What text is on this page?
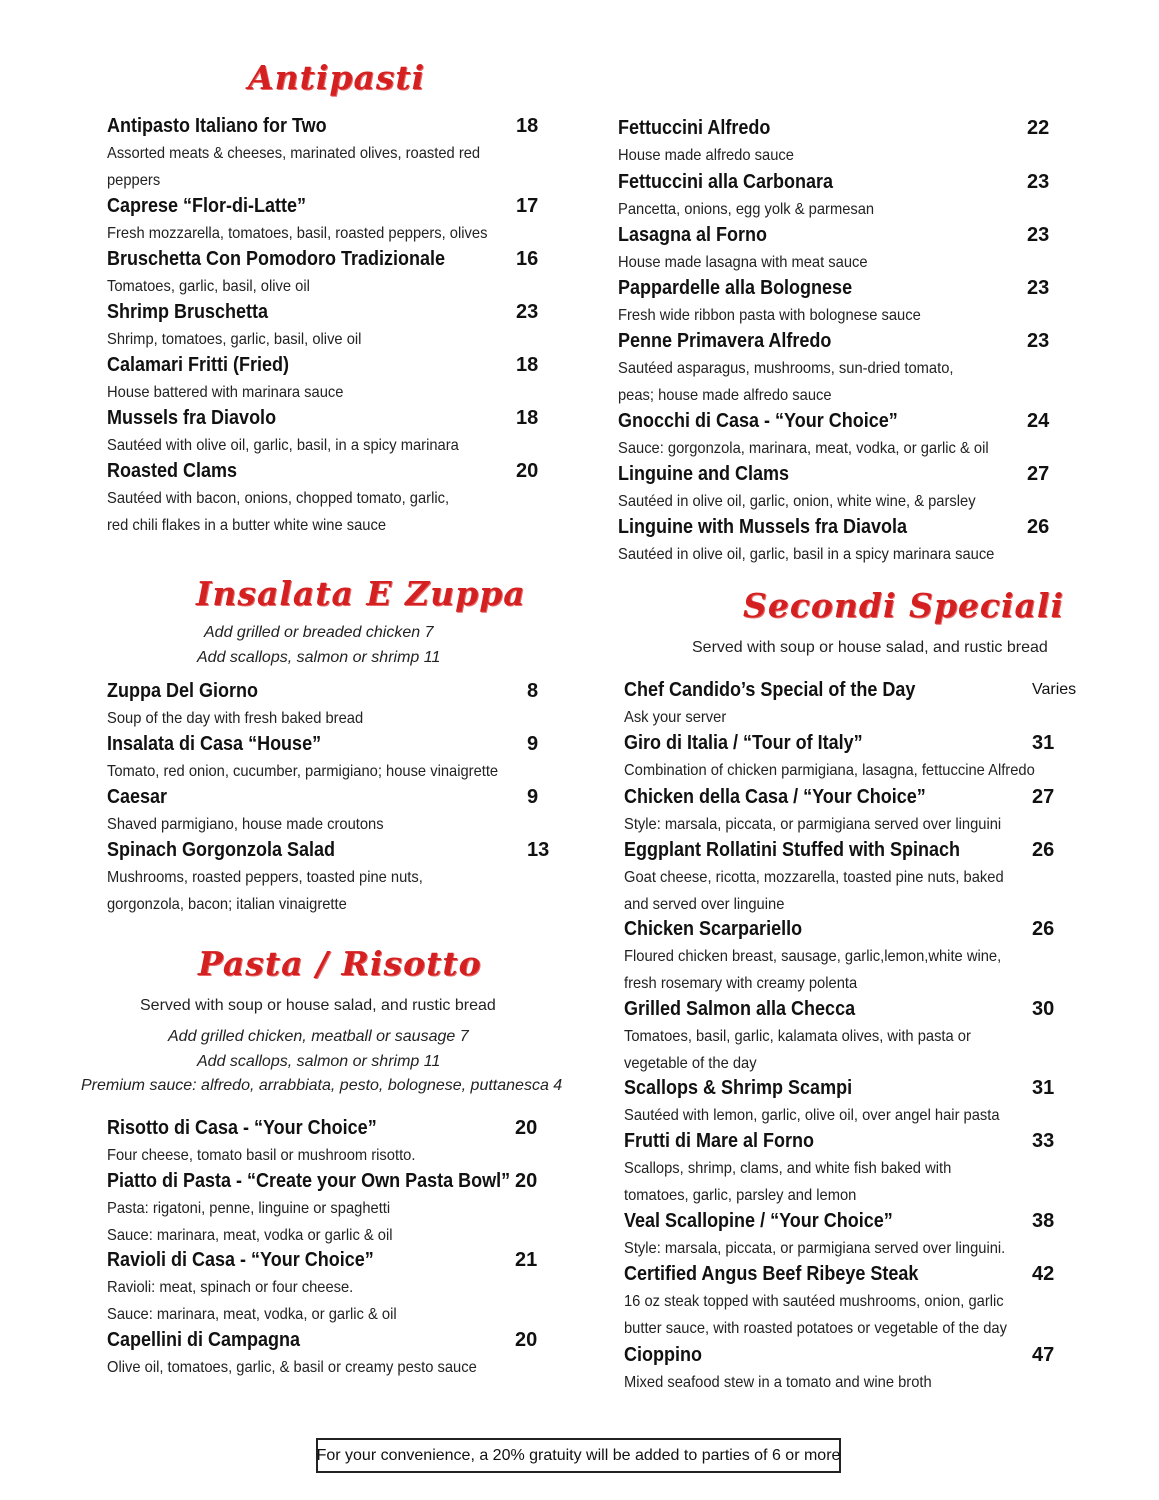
Antipasti
Insalata E Zuppa
Pasta / Risotto
Secondi Speciali
Add grilled or breaded chicken 7
Add scallops, salmon or shrimp 11
Served with soup or house salad, and rustic bread
Add grilled chicken, meatball or sausage 7
Add scallops, salmon or shrimp 11
Premium sauce: alfredo, arrabbiata, pesto, bolognese, puttanesca 4
Served with soup or house salad, and rustic bread
Antipasto Italiano for Two	18
Assorted meats & cheeses, marinated olives, roasted red
peppers
Caprese “Flor-di-Latte”	17
Fresh mozzarella, tomatoes, basil, roasted peppers, olives
Bruschetta Con Pomodoro Tradizionale	16
Tomatoes, garlic, basil, olive oil
Shrimp Bruschetta	23
Shrimp, tomatoes, garlic, basil, olive oil
Calamari Fritti (Fried)	18
House battered with marinara sauce
Mussels fra Diavolo	18
Sautéed with olive oil, garlic, basil, in a spicy marinara
Roasted Clams	20
Sautéed with bacon, onions, chopped tomato, garlic,
red chili flakes in a butter white wine sauce
Zuppa Del Giorno	8
Soup of the day with fresh baked bread
Insalata di Casa “House”	9
Tomato, red onion, cucumber, parmigiano; house vinaigrette
Caesar	9
Shaved parmigiano, house made croutons
Spinach Gorgonzola Salad	13
Mushrooms, roasted peppers, toasted pine nuts,
gorgonzola, bacon; italian vinaigrette
Risotto di Casa - “Your Choice”	20
Four cheese, tomato basil or mushroom risotto.
Piatto di Pasta - “Create your Own Pasta Bowl” 20
Pasta: rigatoni, penne, linguine or spaghetti
Sauce: marinara, meat, vodka or garlic & oil
Ravioli di Casa - “Your Choice”	21
Ravioli: meat, spinach or four cheese.
Sauce: marinara, meat, vodka, or garlic & oil
Capellini di Campagna	20
Olive oil, tomatoes, garlic, & basil or creamy pesto sauce
Fettuccini Alfredo	22
House made alfredo sauce
Fettuccini alla Carbonara	23
Pancetta, onions, egg yolk & parmesan
Lasagna al Forno	23
House made lasagna with meat sauce
Pappardelle alla Bolognese	23
Fresh wide ribbon pasta with bolognese sauce
Penne Primavera Alfredo	23
Sautéed asparagus, mushrooms, sun-dried tomato,
peas; house made alfredo sauce
Gnocchi di Casa - “Your Choice”	24
Sauce: gorgonzola, marinara, meat, vodka, or garlic & oil
Linguine and Clams	27
Sautéed in olive oil, garlic, onion, white wine, & parsley
Linguine with Mussels fra Diavola	26
Sautéed in olive oil, garlic, basil in a spicy marinara sauce
Chef Candido’s Special of the Day	Varies
Ask your server
Giro di Italia / “Tour of Italy”	31
Combination of chicken parmigiana, lasagna, fettuccine Alfredo
Chicken della Casa / “Your Choice”	27
Style: marsala, piccata, or parmigiana served over linguini
Eggplant Rollatini Stuffed with Spinach	26
Goat cheese, ricotta, mozzarella, toasted pine nuts, baked
and served over linguine
Chicken Scarpariello	26
Floured chicken breast, sausage, garlic,lemon,white wine,
fresh rosemary with creamy polenta
Grilled Salmon alla Checca	30
Tomatoes, basil, garlic, kalamata olives, with pasta or
vegetable of the day
Scallops & Shrimp Scampi	31
Sautéed with lemon, garlic, olive oil, over angel hair pasta
Frutti di Mare al Forno	33
Scallops, shrimp, clams, and white fish baked with
tomatoes, garlic, parsley and lemon
Veal Scallopine / “Your Choice”	38
Style: marsala, piccata, or parmigiana served over linguini.
Certified Angus Beef Ribeye Steak	42
16 oz steak topped with sautéed mushrooms, onion, garlic
butter sauce, with roasted potatoes or vegetable of the day
Cioppino	47
Mixed seafood stew in a tomato and wine broth
For your convenience, a 20% gratuity will be added to parties of 6 or more
